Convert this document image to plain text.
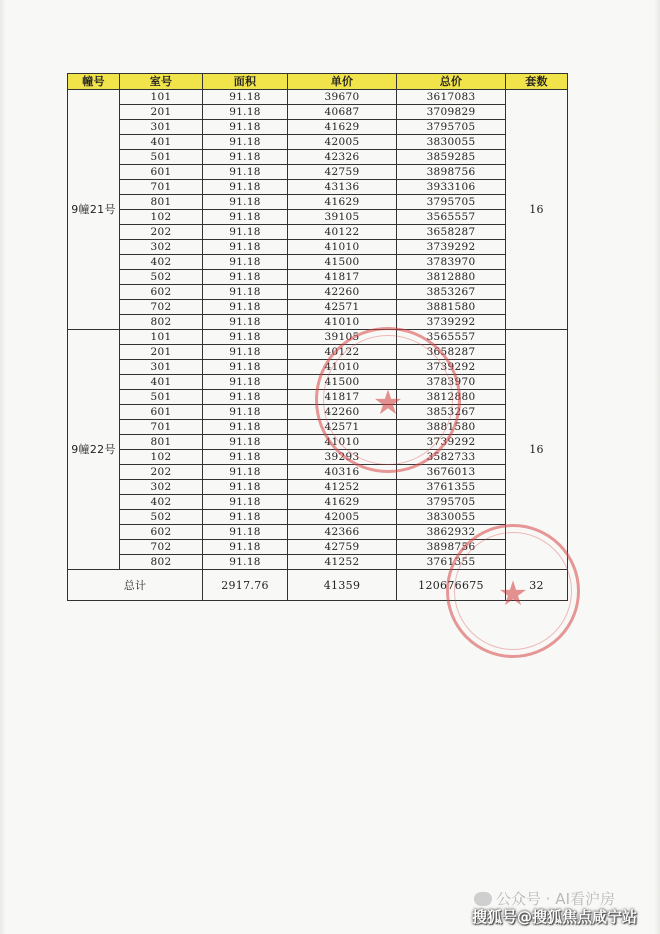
幢号	室号	面积	单价	总价	套数
9幢21号	101	91.18	39670	3617083	16
	201	91.18	40687	3709829	
	301	91.18	41629	3795705	
	401	91.18	42005	3830055	
	501	91.18	42326	3859285	
	601	91.18	42759	3898756	
	701	91.18	43136	3933106	
	801	91.18	41629	3795705	
	102	91.18	39105	3565557	
	202	91.18	40122	3658287	
	302	91.18	41010	3739292	
	402	91.18	41500	3783970	
	502	91.18	41817	3812880	
	602	91.18	42260	3853267	
	702	91.18	42571	3881580	
	802	91.18	41010	3739292	
9幢22号	101	91.18	39105	3565557	16
	201	91.18	40122	3658287	
	301	91.18	41010	3739292	
	401	91.18	41500	3783970	
	501	91.18	41817	3812880	
	601	91.18	42260	3853267	
	701	91.18	42571	3881580	
	801	91.18	41010	3739292	
	102	91.18	39293	3582733	
	202	91.18	40316	3676013	
	302	91.18	41252	3761355	
	402	91.18	41629	3795705	
	502	91.18	42005	3830055	
	602	91.18	42366	3862932	
	702	91.18	42759	3898756	
	802	91.18	41252	3761355	
总计		2917.76	41359	120676675	32
★
★
公众号 · AI看沪房
搜狐号@搜狐焦点咸宁站
